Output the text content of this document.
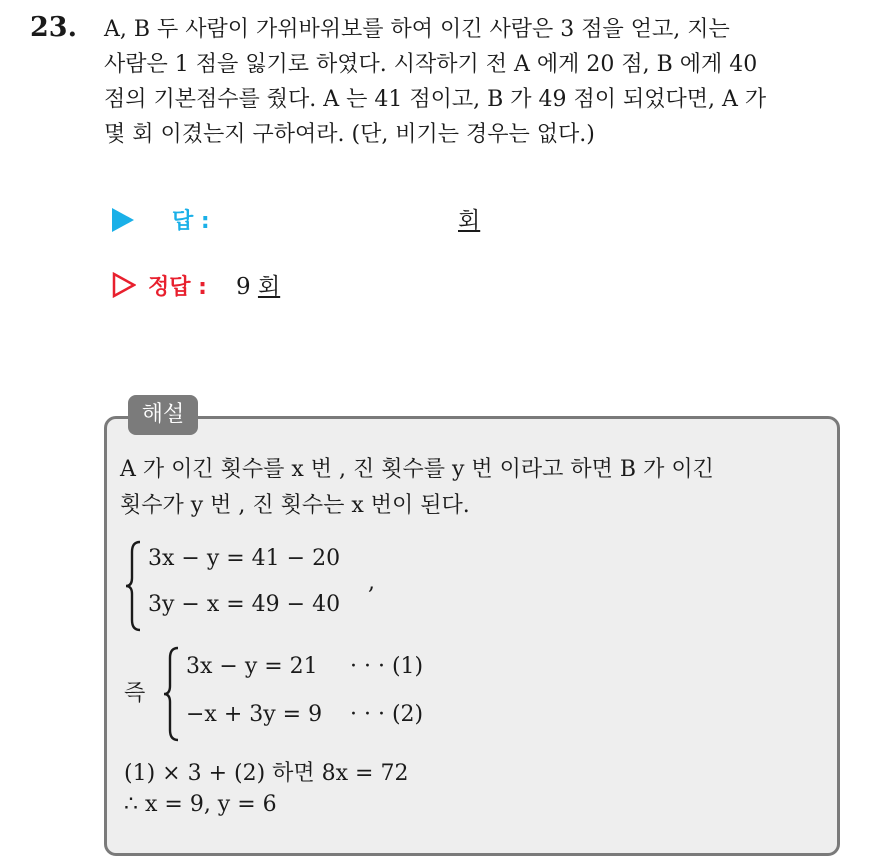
23. A, B 두 사람이 가위바위보를 하여 이긴 사람은 3 점을 얻고, 지는
사람은 1 점을 잃기로 하였다. 시작하기 전 A 에게 20 점, B 에게 40
점의 기본점수를 줬다. A 는 41 점이고, B 가 49 점이 되었다면, A 가
몇 회 이겼는지 구하여라. (단, 비기는 경우는 없다.)
답 :	회
정답 : 9 회
해설
A 가 이긴 횟수를 x 번 , 진 횟수를 y 번 이라고 하면 B 가 이긴
횟수가 y 번 , 진 횟수는 x 번이 된다.
3x − y = 41 − 20
3y − x = 49 − 40
,
즉
3x − y = 21
−x + 3y = 9
· · · (1)
· · · (2)
(1) × 3 + (2) 하면 8x = 72
∴ x = 9, y = 6
